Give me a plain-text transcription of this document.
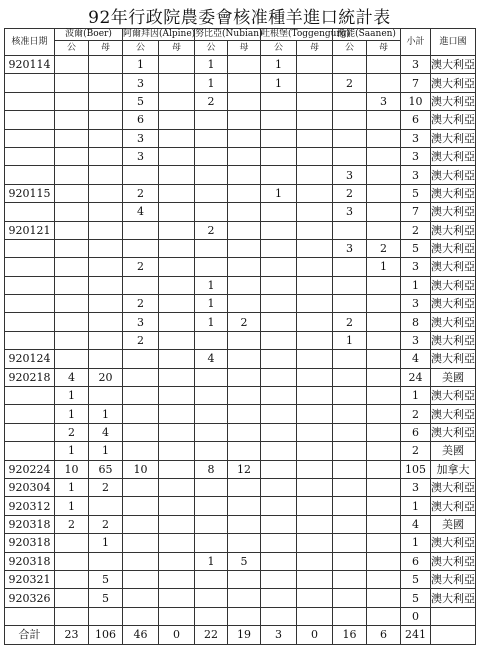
92年行政院農委會核准種羊進口統計表
核准日期	波爾(Boer)		阿爾拜因(Alpine)		努比亞(Nubian)		吐根堡(Toggengurg)		撒能(Saanen)		小計	進口國
	公	母	公	母	公	母	公	母	公	母		
920114			1		1		1				3	澳大利亞
			3		1		1		2		7	澳大利亞
			5		2					3	10	澳大利亞
			6								6	澳大利亞
			3								3	澳大利亞
			3								3	澳大利亞
									3		3	澳大利亞
920115			2				1		2		5	澳大利亞
			4						3		7	澳大利亞
920121					2						2	澳大利亞
									3	2	5	澳大利亞
			2							1	3	澳大利亞
					1						1	澳大利亞
			2		1						3	澳大利亞
			3		1	2			2		8	澳大利亞
			2						1		3	澳大利亞
920124					4						4	澳大利亞
920218	4	20									24	美國
	1										1	澳大利亞
	1	1									2	澳大利亞
	2	4									6	澳大利亞
	1	1									2	美國
920224	10	65	10		8	12					105	加拿大
920304	1	2									3	澳大利亞
920312	1										1	澳大利亞
920318	2	2									4	美國
920318		1									1	澳大利亞
920318					1	5					6	澳大利亞
920321		5									5	澳大利亞
920326		5									5	澳大利亞
											0	
合計	23	106	46	0	22	19	3	0	16	6	241	
